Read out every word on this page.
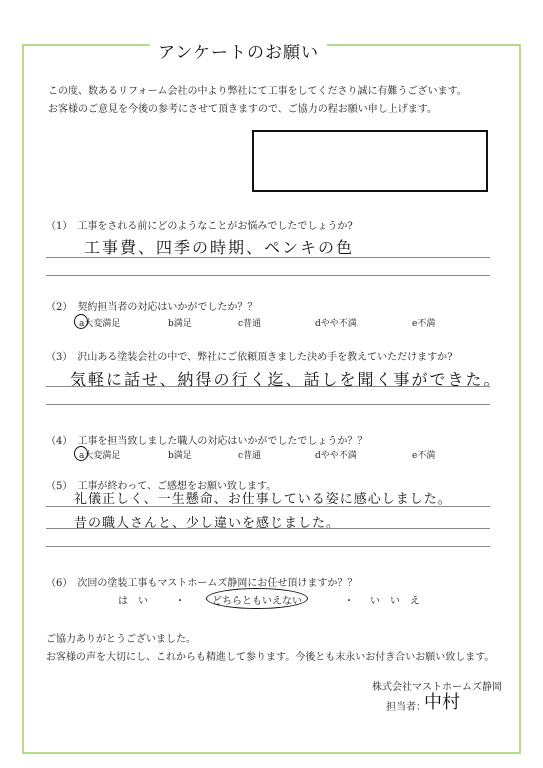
アンケートのお願い
この度、数あるリフォーム会社の中より弊社にて工事をしてくださり誠に有難うございます。
お客様のご意見を今後の参考にさせて頂きますので、ご協力の程お願い申し上げます。
（1）　工事をされる前にどのようなことがお悩みでしたでしょうか?
工事費、四季の時期、ペンキの色
（2）　契約担当者の対応はいかがでしたか？？
a大変満足	b満足	c普通	dやや不満	e不満
（3）　沢山ある塗装会社の中で、弊社にご依頼頂きました決め手を教えていただけますか?
気軽に話せ、納得の行く迄、話しを聞く事ができた。
（4）　工事を担当致しました職人の対応はいかがでしたでしょうか？？
a大変満足	b満足	c普通	dやや不満	e不満
（5）　工事が終わって、ご感想をお願い致します。
礼儀正しく、一生懸命、お仕事している姿に感心しました。
昔の職人さんと、少し違いを感じました。
（6）　次回の塗装工事もマストホームズ静岡にお任せ頂けますか？？
は　い	・	どちらともいえない	・ い　い　え
ご協力ありがとうございました。
お客様の声を大切にし、これからも精進して参ります。今後とも末永いお付き合いお願い致します。
株式会社マストホームズ静岡
担当者：
中村
